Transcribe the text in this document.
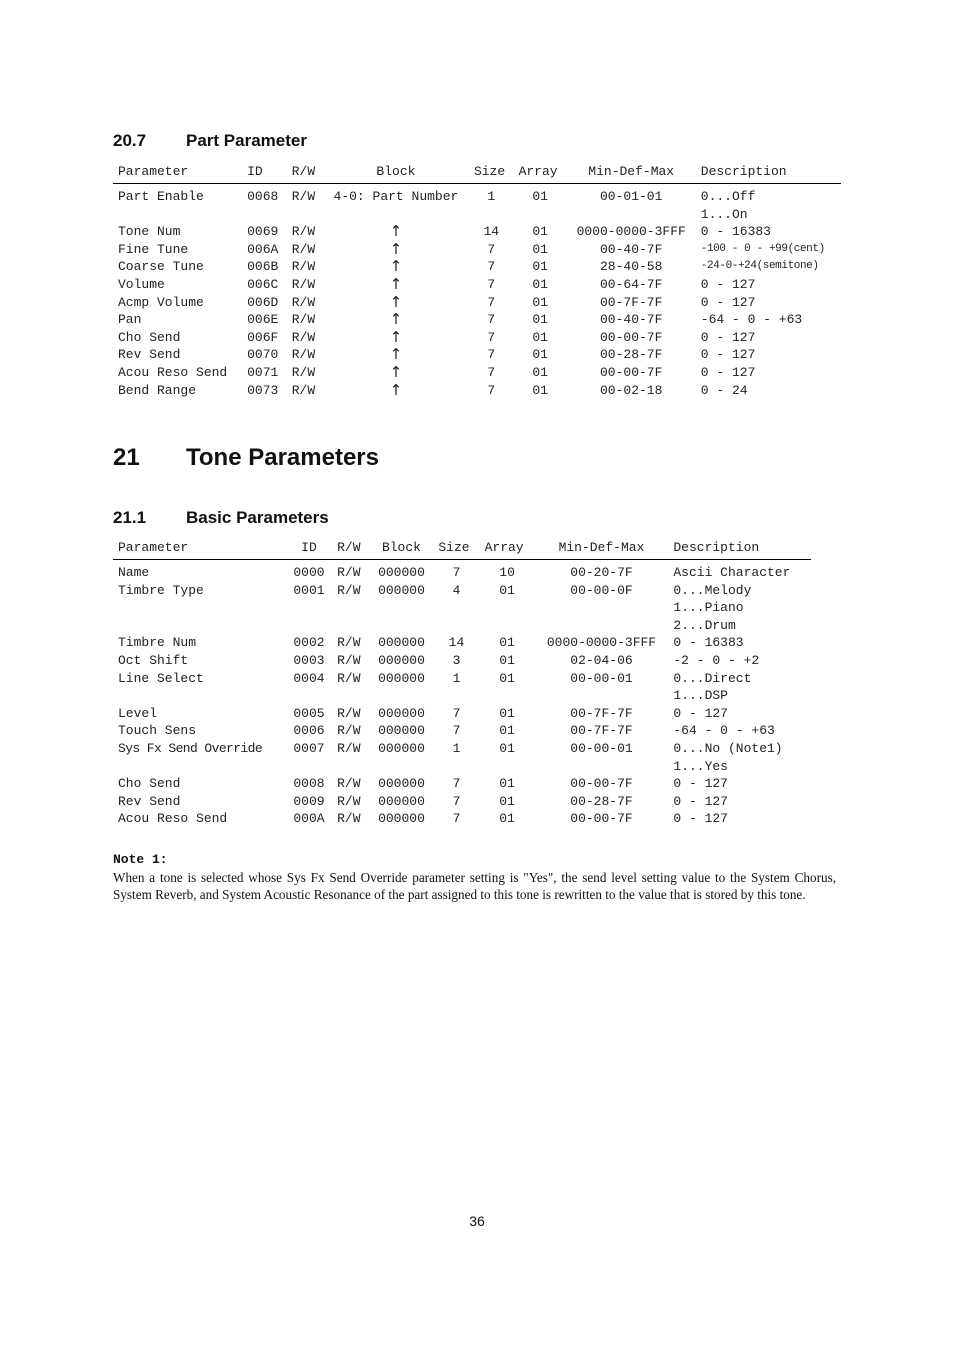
20.7 Part Parameter
Parameter	ID	R/W	Block	Size	Array	Min-Def-Max	Description
Part Enable	0068	R/W	4-0: Part Number	1	01	00-01-01	0...Off
1...On

Tone Num	0069	R/W	↑	14	01	0000-0000-3FFF	0 - 16383

Fine Tune	006A	R/W	↑	7	01	00-40-7F	-100 - 0 - +99(cent)

Coarse Tune	006B	R/W	↑	7	01	28-40-58	-24-0-+24(semitone)

Volume	006C	R/W	↑	7	01	00-64-7F	0 - 127

Acmp Volume	006D	R/W	↑	7	01	00-7F-7F	0 - 127

Pan	006E	R/W	↑	7	01	00-40-7F	-64 - 0 - +63

Cho Send	006F	R/W	↑	7	01	00-00-7F	0 - 127

Rev Send	0070	R/W	↑	7	01	00-28-7F	0 - 127

Acou Reso Send	0071	R/W	↑	7	01	00-00-7F	0 - 127

Bend Range	0073	R/W	↑	7	01	00-02-18	0 - 24
21 Tone Parameters
21.1 Basic Parameters
Parameter	ID	R/W	Block	Size	Array	Min-Def-Max	Description
Name	0000	R/W	000000	7	10	00-20-7F	Ascii Character

Timbre Type	0001	R/W	000000	4	01	00-00-0F	0...Melody
1...Piano
2...Drum

Timbre Num	0002	R/W	000000	14	01	0000-0000-3FFF	0 - 16383

Oct Shift	0003	R/W	000000	3	01	02-04-06	-2 - 0 - +2

Line Select	0004	R/W	000000	1	01	00-00-01	0...Direct
1...DSP

Level	0005	R/W	000000	7	01	00-7F-7F	0 - 127

Touch Sens	0006	R/W	000000	7	01	00-7F-7F	-64 - 0 - +63

Sys Fx Send Override	0007	R/W	000000	1	01	00-00-01	0...No (Note1)
1...Yes

Cho Send	0008	R/W	000000	7	01	00-00-7F	0 - 127

Rev Send	0009	R/W	000000	7	01	00-28-7F	0 - 127

Acou Reso Send	000A	R/W	000000	7	01	00-00-7F	0 - 127
Note 1:
When a tone is selected whose Sys Fx Send Override parameter setting is "Yes", the send level setting value to the System Chorus, System Reverb, and System Acoustic Resonance of the part assigned to this tone is rewritten to the value that is stored by this tone.
36
